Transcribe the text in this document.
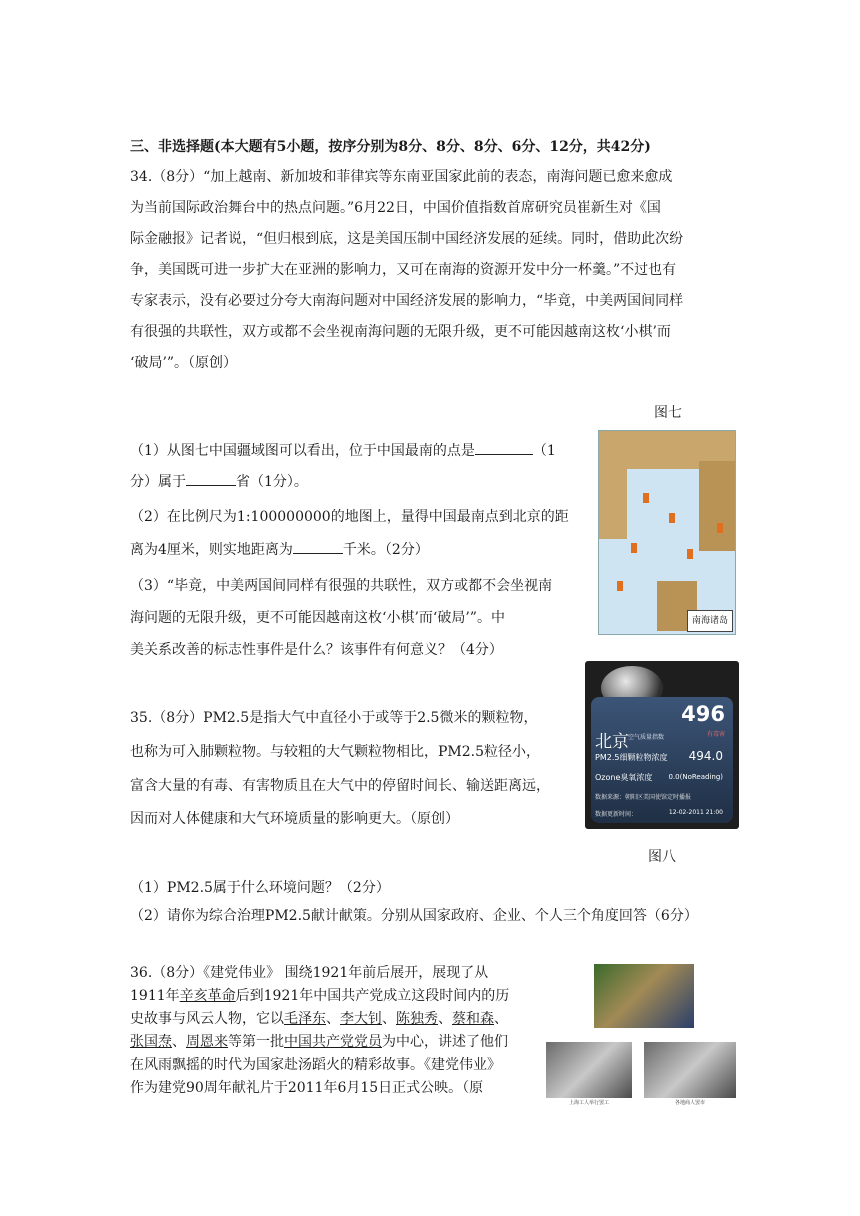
三、非选择题(本大题有5小题，按序分别为8分、8分、8分、6分、12分，共42分)
34.（8分）“加上越南、新加坡和菲律宾等东南亚国家此前的表态，南海问题已愈来愈成
为当前国际政治舞台中的热点问题。”6月22日，中国价值指数首席研究员崔新生对《国
际金融报》记者说，“但归根到底，这是美国压制中国经济发展的延续。同时，借助此次纷
争，美国既可进一步扩大在亚洲的影响力，又可在南海的资源开发中分一杯羹。”不过也有
专家表示，没有必要过分夸大南海问题对中国经济发展的影响力，“毕竟，中美两国间同样
有很强的共联性，双方或都不会坐视南海问题的无限升级，更不可能因越南这枚‘小棋’而
‘破局’”。（原创）
图七
南海诸岛
（1）从图七中国疆域图可以看出，位于中国最南的点是	（1
分）属于	省（1分）。
（2）在比例尺为1:100000000的地图上，量得中国最南点到北京的距
离为4厘米，则实地距离为	千米。（2分）
（3）“毕竟，中美两国间同样有很强的共联性，双方或都不会坐视南
海问题的无限升级，更不可能因越南这枚‘小棋’而‘破局’”。中
美关系改善的标志性事件是什么？该事件有何意义？（4分）
35.（8分）PM2.5是指大气中直径小于或等于2.5微米的颗粒物，
也称为可入肺颗粒物。与较粗的大气颗粒物相比，PM2.5粒径小，
富含大量的有毒、有害物质且在大气中的停留时间长、输送距离远，
因而对人体健康和大气环境质量的影响更大。（原创）
496
有毒害
北京 空气质量指数
PM2.5细颗粒物浓度 494.0
Ozone臭氧浓度 0.0(NoReading)
数据来源：朝阳区美国使馆定时播报
数据更新时间：	12-02-2011 21:00
图八
（1）PM2.5属于什么环境问题？（2分）
（2）请你为综合治理PM2.5献计献策。分别从国家政府、企业、个人三个角度回答（6分）
36.（8分）《建党伟业》 围绕1921年前后展开，展现了从
1911年辛亥革命后到1921年中国共产党成立这段时间内的历
史故事与风云人物，它以毛泽东、李大钊、陈独秀、蔡和森、
张国焘、周恩来等第一批中国共产党党员为中心，讲述了他们
在风雨飘摇的时代为国家赴汤蹈火的精彩故事。《建党伟业》
作为建党90周年献礼片于2011年6月15日正式公映。（原
上海工人举行罢工	各地商人罢市
